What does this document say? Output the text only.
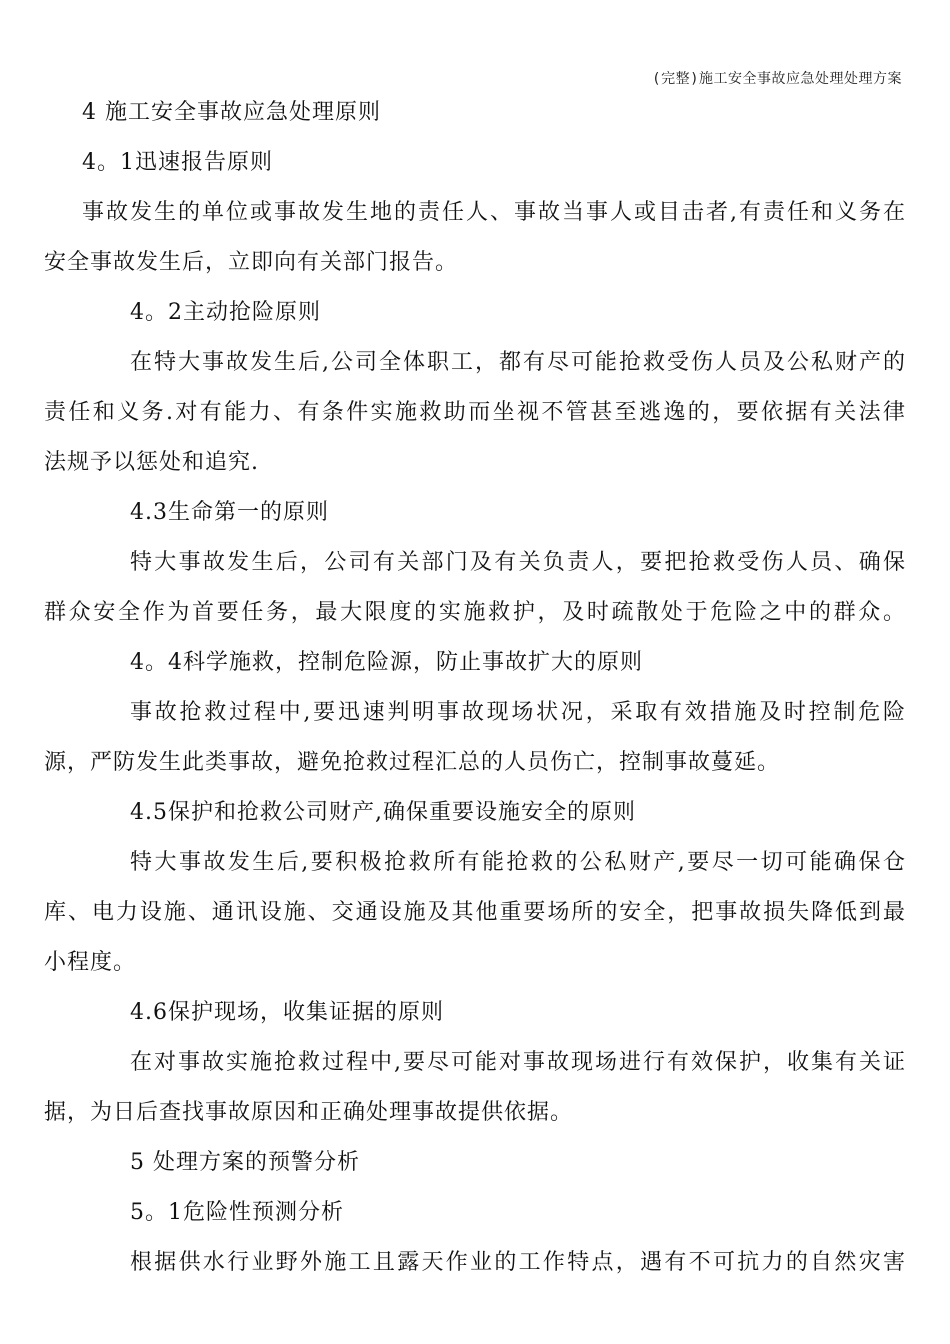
(完整)施工安全事故应急处理处理方案
4 施工安全事故应急处理原则
4。1迅速报告原则
事故发生的单位或事故发生地的责任人、事故当事人或目击者,有责任和义务在
安全事故发生后，立即向有关部门报告。
4。2主动抢险原则
在特大事故发生后,公司全体职工，都有尽可能抢救受伤人员及公私财产的
责任和义务.对有能力、有条件实施救助而坐视不管甚至逃逸的，要依据有关法律
法规予以惩处和追究.
4.3生命第一的原则
特大事故发生后，公司有关部门及有关负责人，要把抢救受伤人员、确保
群众安全作为首要任务，最大限度的实施救护，及时疏散处于危险之中的群众。
4。4科学施救，控制危险源，防止事故扩大的原则
事故抢救过程中,要迅速判明事故现场状况，采取有效措施及时控制危险
源，严防发生此类事故，避免抢救过程汇总的人员伤亡，控制事故蔓延。
4.5保护和抢救公司财产,确保重要设施安全的原则
特大事故发生后,要积极抢救所有能抢救的公私财产,要尽一切可能确保仓
库、电力设施、通讯设施、交通设施及其他重要场所的安全，把事故损失降低到最
小程度。
4.6保护现场，收集证据的原则
在对事故实施抢救过程中,要尽可能对事故现场进行有效保护，收集有关证
据，为日后查找事故原因和正确处理事故提供依据。
5 处理方案的预警分析
5。1危险性预测分析
根据供水行业野外施工且露天作业的工作特点，遇有不可抗力的自然灾害
